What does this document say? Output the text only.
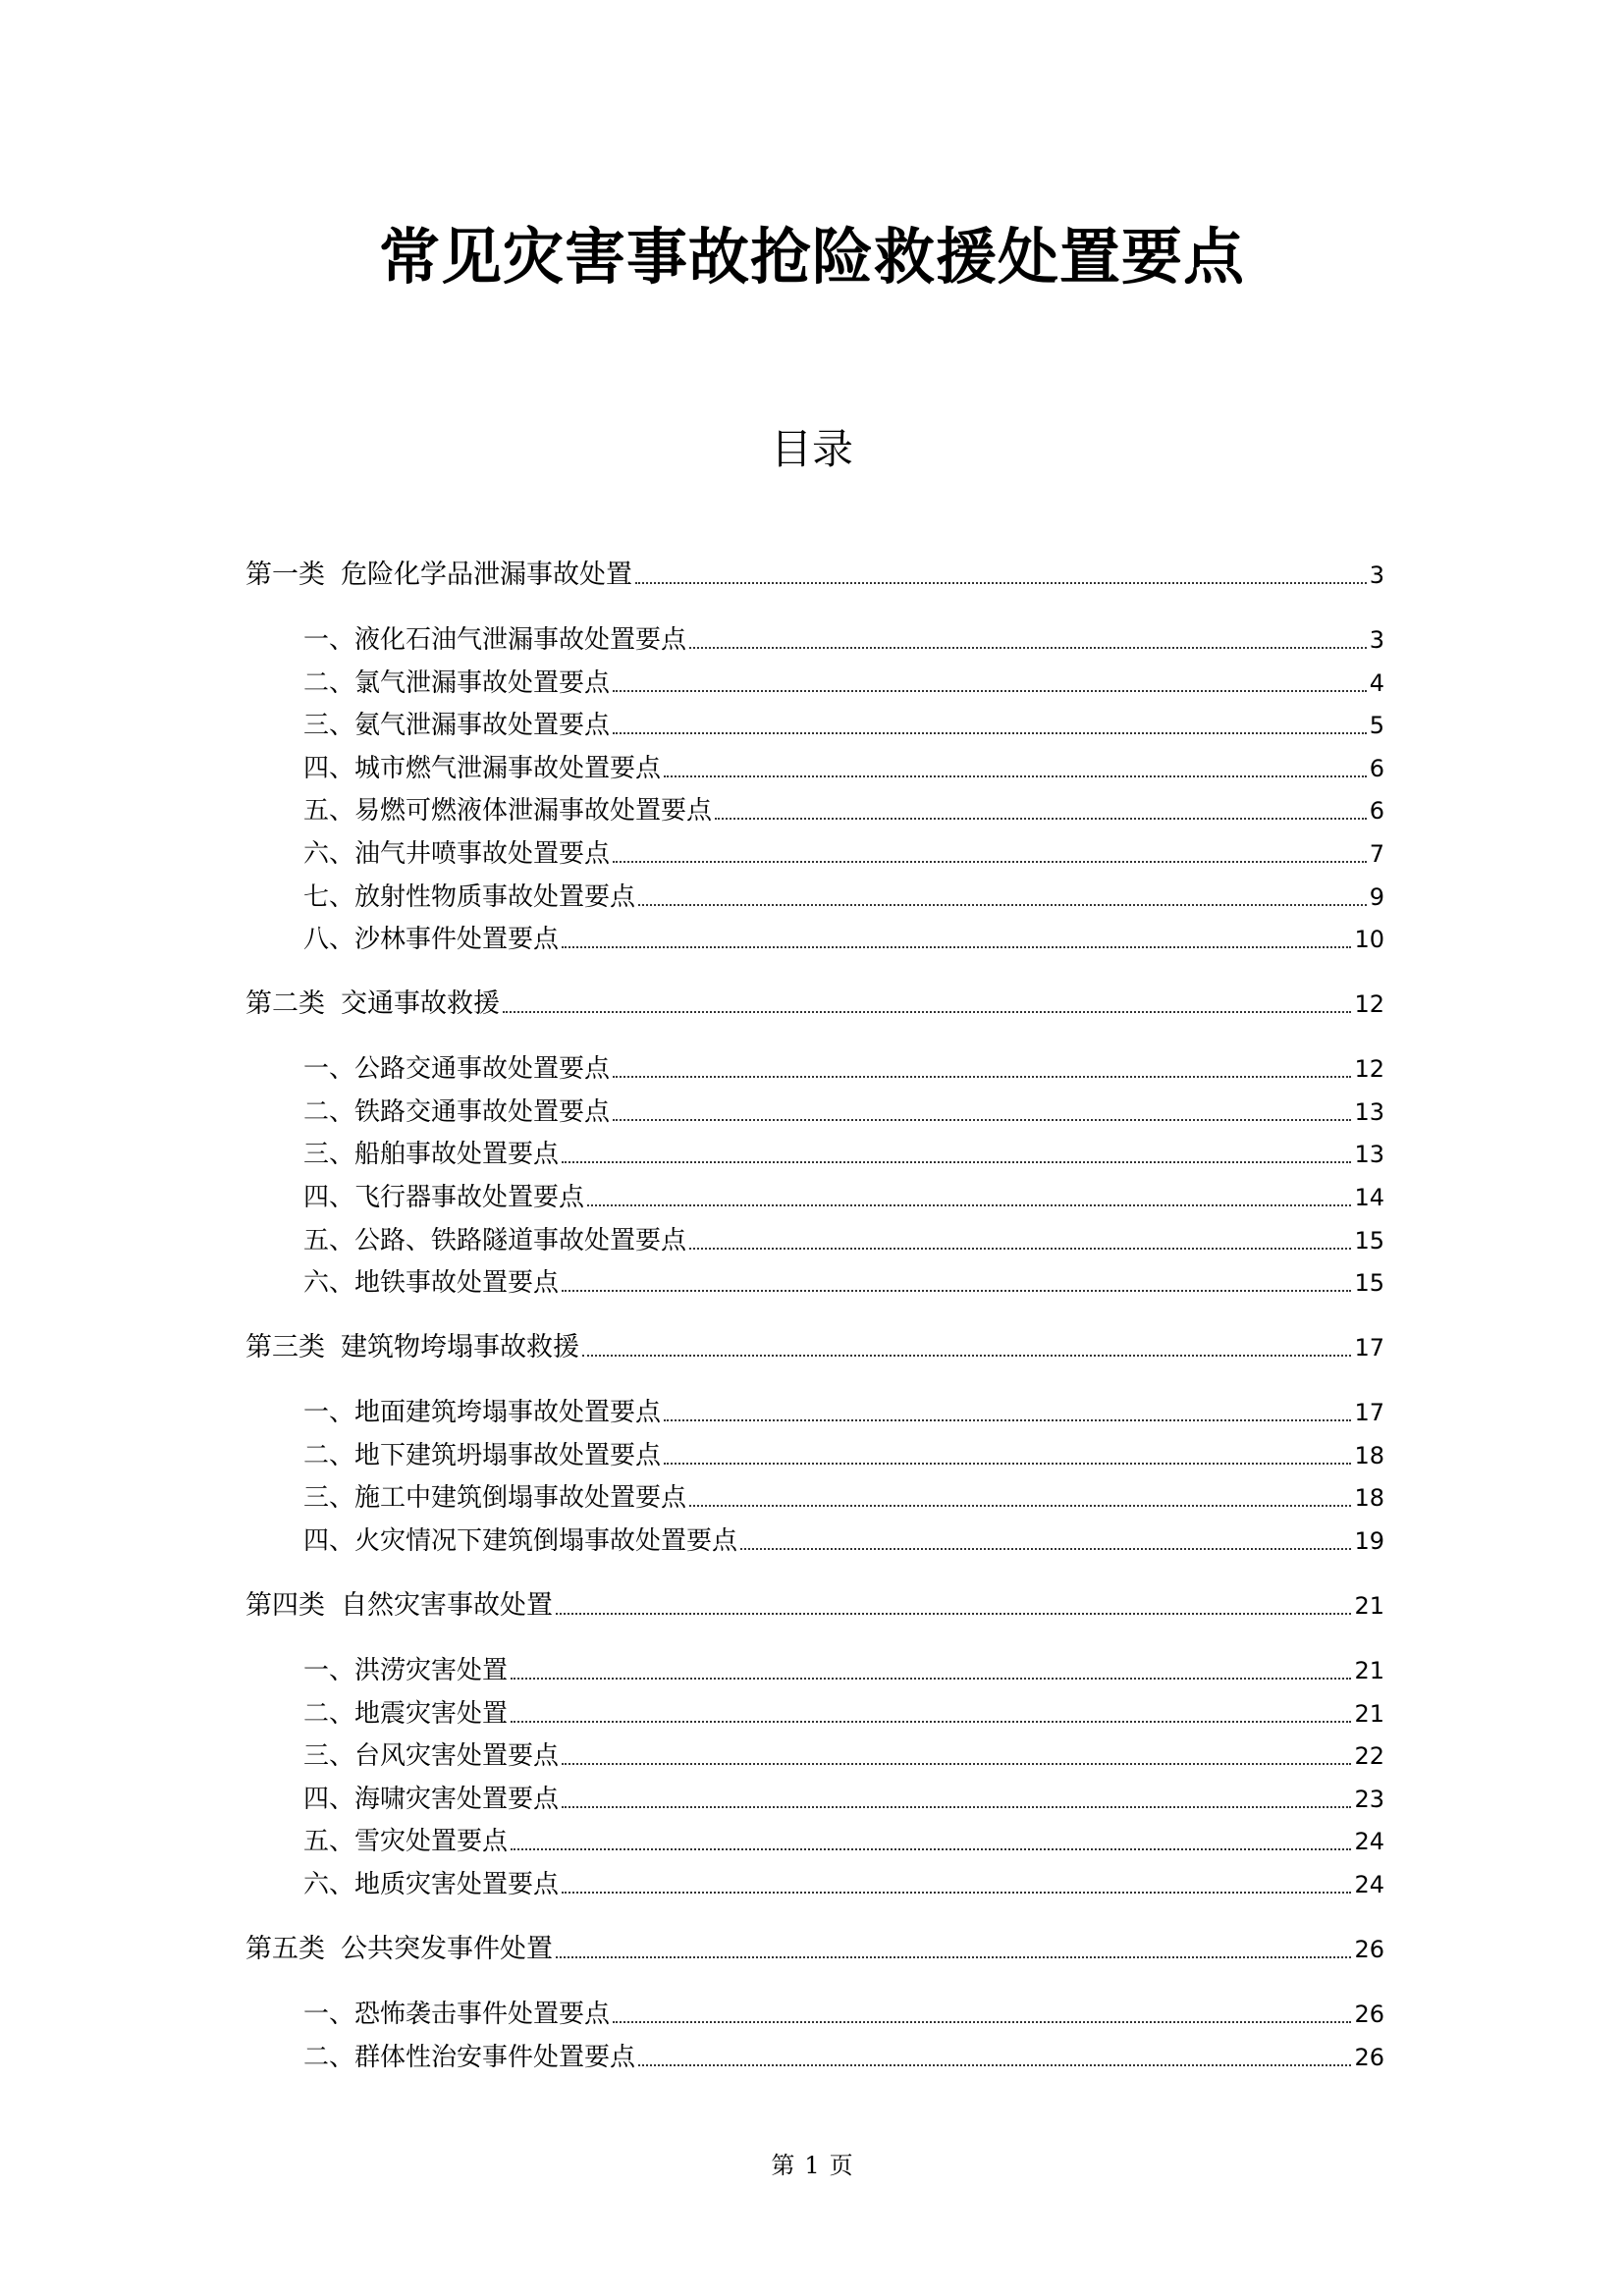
常见灾害事故抢险救援处置要点
目录
第一类 危险化学品泄漏事故处置	3
一、液化石油气泄漏事故处置要点	3
二、氯气泄漏事故处置要点	4
三、氨气泄漏事故处置要点	5
四、城市燃气泄漏事故处置要点	6
五、易燃可燃液体泄漏事故处置要点	6
六、油气井喷事故处置要点	7
七、放射性物质事故处置要点	9
八、沙林事件处置要点	10
第二类 交通事故救援	12
一、公路交通事故处置要点	12
二、铁路交通事故处置要点	13
三、船舶事故处置要点	13
四、飞行器事故处置要点	14
五、公路、铁路隧道事故处置要点	15
六、地铁事故处置要点	15
第三类 建筑物垮塌事故救援	17
一、地面建筑垮塌事故处置要点	17
二、地下建筑坍塌事故处置要点	18
三、施工中建筑倒塌事故处置要点	18
四、火灾情况下建筑倒塌事故处置要点	19
第四类 自然灾害事故处置	21
一、洪涝灾害处置	21
二、地震灾害处置	21
三、台风灾害处置要点	22
四、海啸灾害处置要点	23
五、雪灾处置要点	24
六、地质灾害处置要点	24
第五类 公共突发事件处置	26
一、恐怖袭击事件处置要点	26
二、群体性治安事件处置要点	26
第 1 页
